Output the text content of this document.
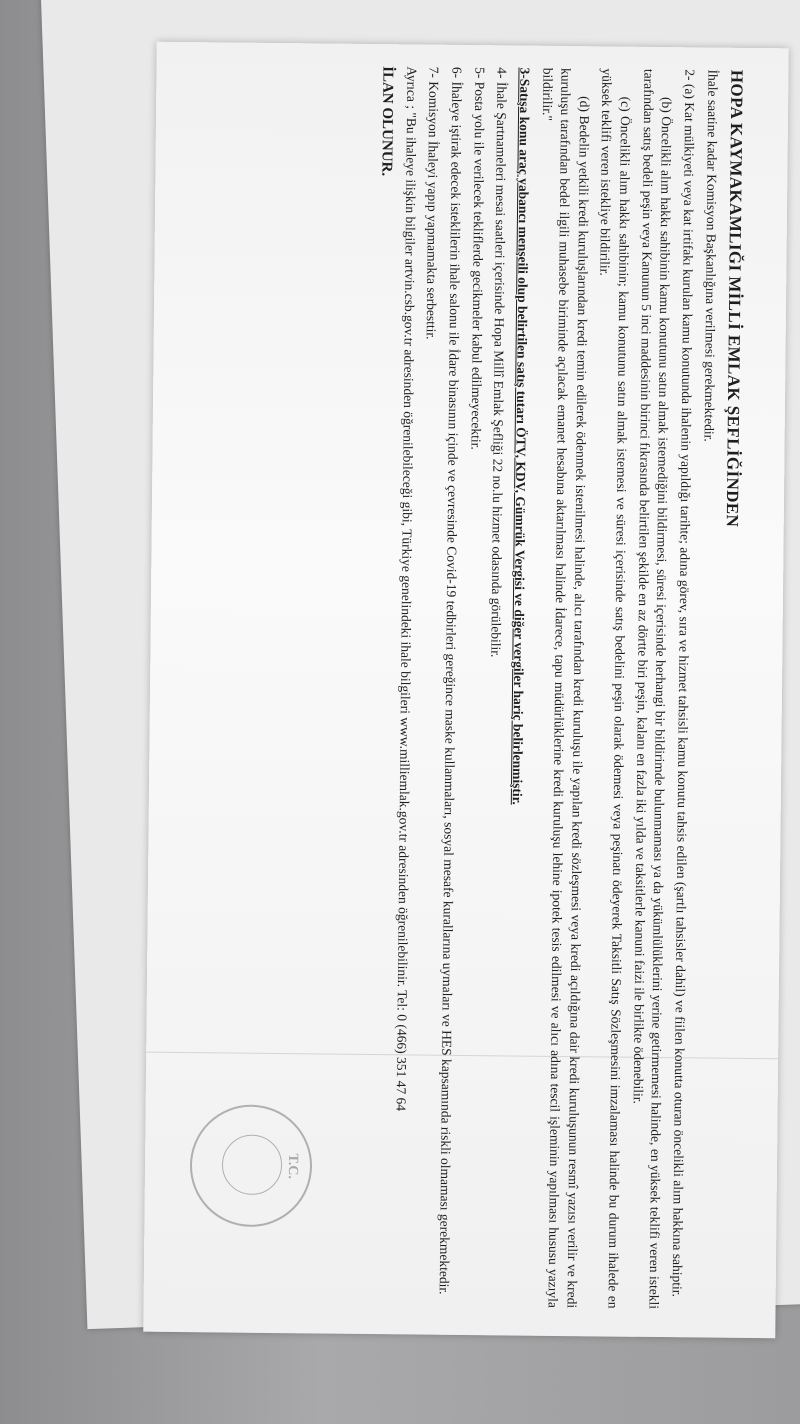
HOPA KAYMAKAMLIĞI MİLLİ EMLAK ŞEFLİĞİNDEN

İhale saatine kadar Komisyon Başkanlığına verilmesi gerekmektedir.

2- (a) Kat mülkiyeti veya kat irtifakı kurulan kamu konutunda ihalenin yapıldığı tarihte; adına görev, sıra ve hizmet tahsisli kamu konutu tahsis edilen (şartlı tahsisler dahil) ve fiilen konutta oturan öncelikli alım hakkına sahiptir.

(b) Öncelikli alım hakkı sahibinin kamu konutunu satın almak istemediğini bildirmesi, süresi içerisinde herhangi bir bildirimde bulunmaması ya da yükümlülüklerini yerine getirmemesi halinde, en yüksek teklifi veren istekli tarafından satış bedeli peşin veya Kanunun 5 inci maddesinin birinci fıkrasında belirtilen şekilde en az dörtte biri peşin, kalanı en fazla iki yılda ve taksitlerle kanuni faizi ile birlikte ödenebilir.

(c) Öncelikli alım hakkı sahibinin; kamu konutunu satın almak istemesi ve süresi içerisinde satış bedelini peşin olarak ödemesi veya peşinatı ödeyerek Taksitli Satış Sözleşmesini imzalaması halinde bu durum ihalede en yüksek teklifi veren istekliye bildirilir.

(d) Bedelin yetkili kredi kuruluşlarından kredi temin edilerek ödenmek istenilmesi halinde, alıcı tarafından kredi kuruluşu ile yapılan kredi sözleşmesi veya kredi açıldığına dair kredi kuruluşunun resmî yazısı verilir ve kredi kuruluşu tarafından bedel ilgili muhasebe biriminde açılacak emanet hesabına aktarılması halinde İdarece, tapu müdürlüklerine kredi kuruluşu lehine ipotek tesis edilmesi ve alıcı adına tescil işleminin yapılması hususu yazıyla bildirilir."

3-Satışa konu araç yabancı menşeili olup belirtilen satış tutarı ÖTV, KDV, Gümrük Vergisi ve diğer vergiler hariç belirlenmiştir.

4- İhale Şartnameleri mesai saatleri içerisinde Hopa Millî Emlak Şefliği 22 no.lu hizmet odasında görülebilir.

5- Posta yolu ile verilecek tekliflerde gecikmeler kabul edilmeyecektir.

6- İhaleye iştirak edecek isteklilerin ihale salonu ile İdare binasının içinde ve çevresinde Covid-19 tedbirleri gereğince maske kullanmaları, sosyal mesafe kurallarına uymaları ve HES kapsamında riskli olmaması gerekmektedir.

7- Komisyon İhaleyi yapıp yapmamakta serbesttir.

Ayrıca ; "Bu ihaleye ilişkin bilgiler artvin.csb.gov.tr adresinden öğrenilebileceği gibi, Türkiye genelindeki ihale bilgileri www.milliemlak.gov.tr adresinden öğrenilebilinir. Tel: 0 (466) 351 47 64

İLAN OLUNUR.

T.C.
